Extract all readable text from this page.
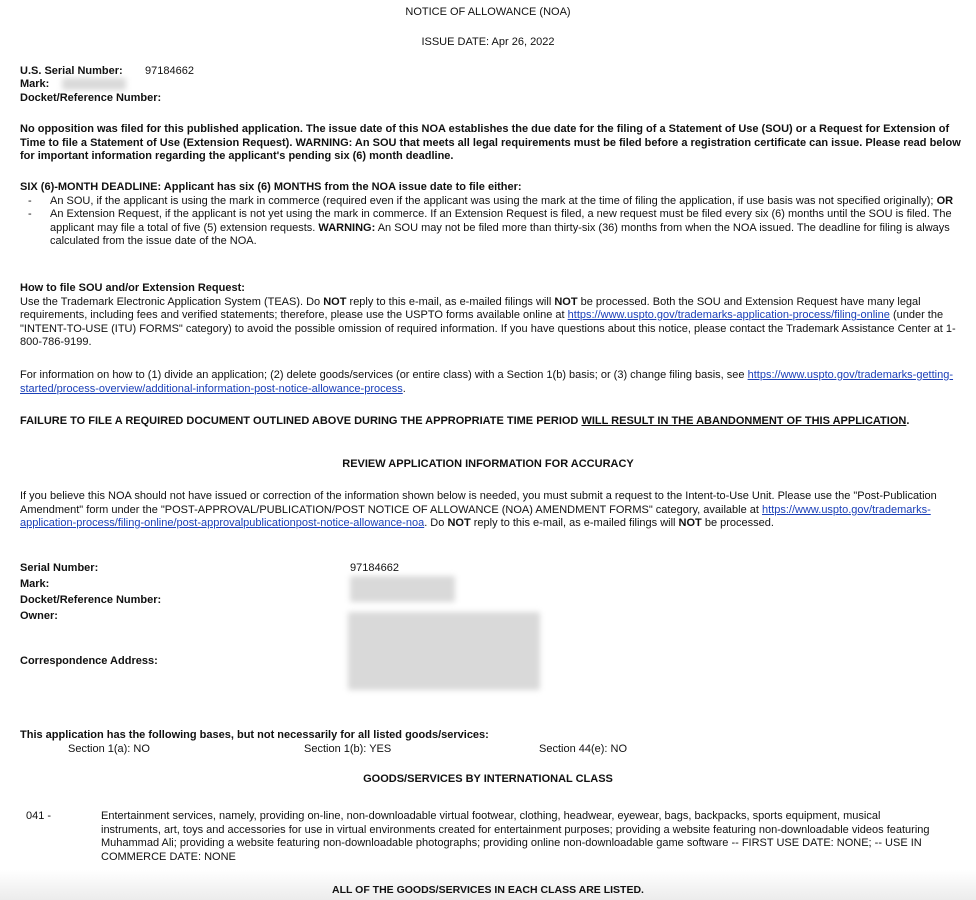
NOTICE OF ALLOWANCE (NOA)
ISSUE DATE: Apr 26, 2022
U.S. Serial Number: 97184662
Mark:
Docket/Reference Number:
No opposition was filed for this published application. The issue date of this NOA establishes the due date for the filing of a Statement of Use (SOU) or a Request for Extension of Time to file a Statement of Use (Extension Request). WARNING: An SOU that meets all legal requirements must be filed before a registration certificate can issue. Please read below for important information regarding the applicant's pending six (6) month deadline.
SIX (6)-MONTH DEADLINE: Applicant has six (6) MONTHS from the NOA issue date to file either:
- An SOU, if the applicant is using the mark in commerce (required even if the applicant was using the mark at the time of filing the application, if use basis was not specified originally); OR
- An Extension Request, if the applicant is not yet using the mark in commerce. If an Extension Request is filed, a new request must be filed every six (6) months until the SOU is filed. The applicant may file a total of five (5) extension requests. WARNING: An SOU may not be filed more than thirty-six (36) months from when the NOA issued. The deadline for filing is always calculated from the issue date of the NOA.
How to file SOU and/or Extension Request:
Use the Trademark Electronic Application System (TEAS). Do NOT reply to this e-mail, as e-mailed filings will NOT be processed. Both the SOU and Extension Request have many legal requirements, including fees and verified statements; therefore, please use the USPTO forms available online at https://www.uspto.gov/trademarks-application-process/filing-online (under the "INTENT-TO-USE (ITU) FORMS" category) to avoid the possible omission of required information. If you have questions about this notice, please contact the Trademark Assistance Center at 1-800-786-9199.
For information on how to (1) divide an application; (2) delete goods/services (or entire class) with a Section 1(b) basis; or (3) change filing basis, see https://www.uspto.gov/trademarks-getting-started/process-overview/additional-information-post-notice-allowance-process.
FAILURE TO FILE A REQUIRED DOCUMENT OUTLINED ABOVE DURING THE APPROPRIATE TIME PERIOD WILL RESULT IN THE ABANDONMENT OF THIS APPLICATION.
REVIEW APPLICATION INFORMATION FOR ACCURACY
If you believe this NOA should not have issued or correction of the information shown below is needed, you must submit a request to the Intent-to-Use Unit. Please use the "Post-Publication Amendment" form under the "POST-APPROVAL/PUBLICATION/POST NOTICE OF ALLOWANCE (NOA) AMENDMENT FORMS" category, available at https://www.uspto.gov/trademarks-application-process/filing-online/post-approvalpublicationpost-notice-allowance-noa. Do NOT reply to this e-mail, as e-mailed filings will NOT be processed.
Serial Number:	97184662
Mark:
Docket/Reference Number:
Owner:
Correspondence Address:
This application has the following bases, but not necessarily for all listed goods/services:
Section 1(a): NO	Section 1(b): YES	Section 44(e): NO
GOODS/SERVICES BY INTERNATIONAL CLASS
041 -	Entertainment services, namely, providing on-line, non-downloadable virtual footwear, clothing, headwear, eyewear, bags, backpacks, sports equipment, musical instruments, art, toys and accessories for use in virtual environments created for entertainment purposes; providing a website featuring non-downloadable videos featuring Muhammad Ali; providing a website featuring non-downloadable photographs; providing online non-downloadable game software -- FIRST USE DATE: NONE; -- USE IN COMMERCE DATE: NONE
ALL OF THE GOODS/SERVICES IN EACH CLASS ARE LISTED.
